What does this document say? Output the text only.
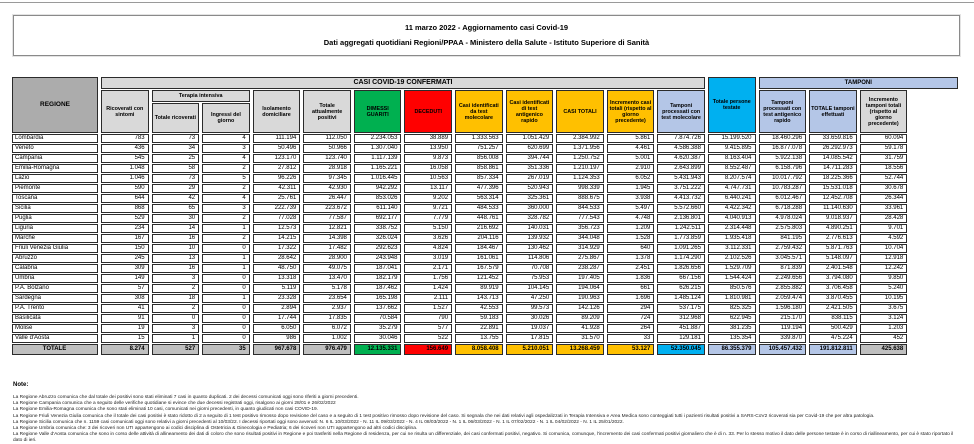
11 marzo 2022 - Aggiornamento casi Covid-19
Dati aggregati quotidiani Regioni/PPAA - Ministero della Salute - Istituto Superiore di Sanità
REGIONE	CASI COVID-19 CONFERMATI												Totale persone testate	TAMPONI		
	Ricoverati con sintomi	Terapia intensiva		Isolamento domiciliare	Totale attualmente positivi	DIMESSI GUARITI	DECEDUTI	Casi identificati da test molecolare	Casi identificati di test antigenico rapido	CASI TOTALI	Incremento casi totali (rispetto al giorno precedente)	Tamponi processati con test molecolare		Tamponi processati con test antigenico rapido	TOTALE tamponi effettuati	Incremento tamponi totali (rispetto al giorno precedente)
		Totale ricoverati	Ingressi del giorno													
Lombardia	783	73	4	111.194	112.050	2.234.053	38.889	1.333.563	1.051.429	2.384.992	5.861	7.874.726	15.199.520	18.460.296	33.659.816	60.094
Veneto	436	34	3	50.496	50.966	1.307.040	13.950	751.257	620.699	1.371.956	4.461	4.586.388	9.415.895	16.877.078	26.292.973	59.178
Campania	545	25	4	123.170	123.740	1.117.139	9.873	856.008	394.744	1.250.752	5.001	4.620.387	8.163.404	5.922.138	14.085.542	31.759
Emilia-Romagna	1.048	58	2	27.812	28.918	1.165.221	16.058	858.861	351.336	1.210.197	2.910	2.643.899	8.552.487	6.158.796	14.711.283	18.556
Lazio	1.046	73	5	96.226	97.345	1.016.445	10.563	857.334	267.019	1.124.353	6.052	5.431.943	8.207.574	10.017.792	18.225.366	52.744
Piemonte	590	29	2	42.311	42.930	942.292	13.117	477.396	520.943	998.339	1.945	3.751.222	4.747.731	10.783.287	15.531.018	30.678
Toscana	644	42	4	25.761	26.447	853.026	9.202	563.314	325.361	888.675	3.938	4.413.732	6.440.241	6.012.467	12.452.708	26.344
Sicilia	868	65	3	222.739	223.672	611.140	9.721	484.533	360.000	844.533	5.497	5.572.660	4.422.342	6.718.288	11.140.630	33.961
Puglia	529	30	2	77.028	77.587	692.177	7.779	448.761	328.782	777.543	4.748	2.136.801	4.040.913	4.978.024	9.018.937	28.428
Liguria	234	14	1	12.573	12.821	338.752	5.150	216.692	140.031	356.723	1.209	1.242.511	2.314.448	2.575.803	4.890.251	9.701
Marche	167	16	2	14.215	14.398	326.024	3.626	204.116	139.932	344.048	1.528	1.773.859	1.935.418	841.195	2.776.613	4.592
Friuli Venezia Giulia	150	10	0	17.322	17.482	292.623	4.824	184.467	130.462	314.929	640	1.091.265	3.112.331	2.759.432	5.871.763	10.704
Abruzzo	245	13	1	28.642	28.900	243.948	3.019	161.061	114.806	275.867	1.378	1.174.290	2.102.526	3.045.571	5.148.097	12.918
Calabria	309	16	1	48.750	49.075	187.041	2.171	167.579	70.708	238.287	2.451	1.826.656	1.529.709	871.839	2.401.548	12.242
Umbria	149	3	0	13.318	13.470	182.179	1.756	121.452	75.953	197.405	1.836	667.156	1.544.424	2.249.656	3.794.080	9.850
P.A. Bolzano	57	2	0	5.119	5.178	187.462	1.424	89.919	104.145	194.064	661	626.215	850.576	2.855.882	3.706.458	5.240
Sardegna	308	18	1	23.328	23.654	165.198	2.111	143.713	47.250	190.963	1.696	1.485.124	1.810.981	2.059.474	3.870.455	10.195
P.A. Trento	41	2	0	2.894	2.937	137.662	1.527	42.553	99.573	142.126	294	537.175	825.325	1.596.180	2.421.505	3.675
Basilicata	91	0	0	17.744	17.835	70.584	790	59.183	30.026	89.209	724	312.968	622.945	215.170	838.115	3.124
Molise	19	3	0	6.050	6.072	35.279	577	22.891	19.037	41.928	264	451.887	381.235	119.194	500.429	1.203
Valle d'Aosta	15	1	0	986	1.002	30.046	522	13.755	17.815	31.570	33	129.181	135.354	339.870	475.224	452
TOTALE	8.274	527	35	967.678	976.479	12.135.331	156.649	8.058.408	5.210.051	13.268.459	53.127	52.350.045	86.355.379	105.457.432	191.812.811	425.638
Note:
La Regione Abruzzo comunica che dal totale dei positivi sono stati eliminati 7 casi in quanto duplicati. 2 dei decessi comunicati oggi sono riferiti a giorni precedenti.
La Regione Campania comunica che a seguito delle verifiche quotidiane si evince che due decessi registrati oggi, risalgono ai giorni 28/01 e 26/02/2022
La Regione Emilia-Romagna comunica che sono stati eliminati 10 casi, comunicati nei giorni precedenti, in quanto giudicati non casi COVID-19.
La Regione Friuli Venezia Giulia comunica che il totale dei casi positivi è stato ridotto di 2 a seguito di 1 test positivo rimosso dopo revisione del caso e a seguito di 1 test positivo rimosso dopo revisione del caso. Si segnala che nei dati relativi agli ospedalizzati in Terapia Intensiva e Area Medica sono conteggiati tutti i pazienti risultati positivi a SARS-CoV2 ricoverati sia per Covid-19 che per altra patologia.
La Regione Sicilia comunica che n. 1159 casi comunicati oggi sono relativi a giorni precedenti al 10/03/22. I decessi riportati oggi sono avvenuti: N. 6 IL 10/03/2022 - N. 11 IL 09/03/2022 - N. 4 IL 08/03/2022 - N. 1 IL 06/03/2022 - N. 1 IL 07/02/2022 - N. 1 IL 04/02/2022 - N. 1 IL 25/01/2022.
La Regione Umbria comunica che: 3 dei ricoveri non UTI appartengono ai codici disciplina di Ostetricia & Ginecologia e Pediatria; 6 dei ricoveri non UTI appartengono ad altri codici disciplina.
La Regione Valle d'Aosta comunica che sono in corso delle attività di allineamento dei dati di coloro che sono risultati positivi in Regione e poi trasferiti nella Regione di residenza, per cui ne risulta un differenziale, dei casi confermati positivi, negativo. Si comunica, comunque, l'incremento dei casi confermati positivi giornaliero che è di n. 33. Per lo stesso motivo il dato delle persone testate è in corso di riallineamento, per cui è stato riportato il dato di ieri.
